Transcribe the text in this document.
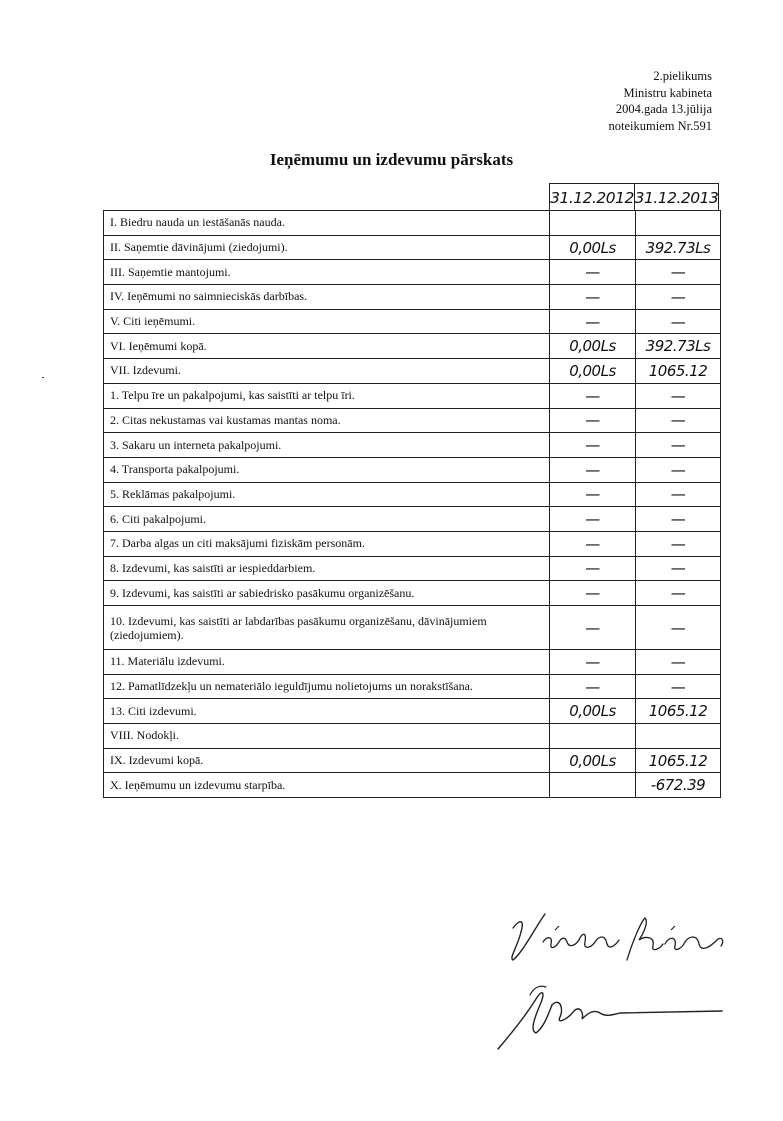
2.pielikums
Ministru kabineta
2004.gada 13.jūlija
noteikumiem Nr.591
Ieņēmumu un izdevumu pārskats
31.12.2012 31.12.2013
I. Biedru nauda un iestāšanās nauda.		
II. Saņemtie dāvinājumi (ziedojumi).	0,00Ls	392.73Ls
III. Saņemtie mantojumi.	—	—
IV. Ieņēmumi no saimnieciskās darbības.	—	—
V. Citi ieņēmumi.	—	—
VI. Ieņēmumi kopā.	0,00Ls	392.73Ls
VII. Izdevumi.	0,00Ls	1065.12
1. Telpu īre un pakalpojumi, kas saistīti ar telpu īri.	—	—
2. Citas nekustamas vai kustamas mantas noma.	—	—
3. Sakaru un interneta pakalpojumi.	—	—
4. Transporta pakalpojumi.	—	—
5. Reklāmas pakalpojumi.	—	—
6. Citi pakalpojumi.	—	—
7. Darba algas un citi maksājumi fiziskām personām.	—	—
8. Izdevumi, kas saistīti ar iespieddarbiem.	—	—
9. Izdevumi, kas saistīti ar sabiedrisko pasākumu organizēšanu.	—	—
10. Izdevumi, kas saistīti ar labdarības pasākumu organizēšanu, dāvinājumiem (ziedojumiem).	—	—
11. Materiālu izdevumi.	—	—
12. Pamatlīdzekļu un nemateriālo ieguldījumu nolietojums un norakstīšana.	—	—
13. Citi izdevumi.	0,00Ls	1065.12
VIII. Nodokļi.		
IX. Izdevumi kopā.	0,00Ls	1065.12
X. Ieņēmumu un izdevumu starpība.		-672.39
